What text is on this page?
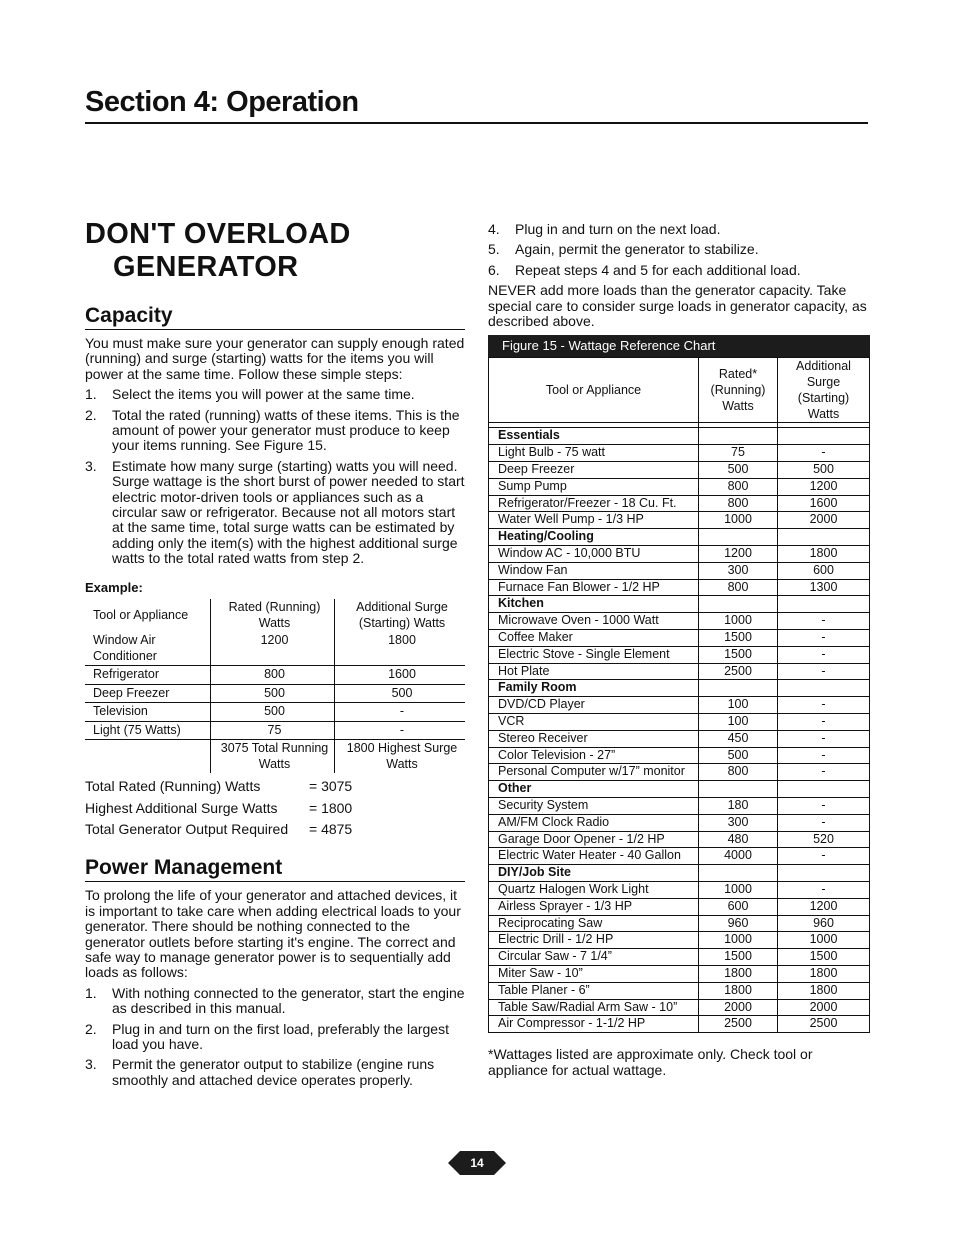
Section 4: Operation
DON'T OVERLOAD
GENERATOR
Capacity

You must make sure your generator can supply enough rated (running) and surge (starting) watts for the items you will power at the same time. Follow these simple steps:

1. Select the items you will power at the same time.
2. Total the rated (running) watts of these items. This is the amount of power your generator must produce to keep your items running. See Figure 15.
3. Estimate how many surge (starting) watts you will need. Surge wattage is the short burst of power needed to start electric motor-driven tools or appliances such as a circular saw or refrigerator. Because not all motors start at the same time, total surge watts can be estimated by adding only the item(s) with the highest additional surge watts to the total rated watts from step 2.
Example:
Tool or Appliance	Rated (Running) Watts	Additional Surge (Starting) Watts
Window Air Conditioner	1200	1800
Refrigerator	800	1600
Deep Freezer	500	500
Television	500	-
Light (75 Watts)	75	-
	3075 Total Running Watts	1800 Highest Surge Watts
Total Rated (Running) Watts	= 3075
Highest Additional Surge Watts	= 1800
Total Generator Output Required	= 4875
Power Management

To prolong the life of your generator and attached devices, it is important to take care when adding electrical loads to your generator. There should be nothing connected to the generator outlets before starting it's engine. The correct and safe way to manage generator power is to sequentially add loads as follows:

1. With nothing connected to the generator, start the engine as described in this manual.
2. Plug in and turn on the first load, preferably the largest load you have.
3. Permit the generator output to stabilize (engine runs smoothly and attached device operates properly.
4. Plug in and turn on the next load.
5. Again, permit the generator to stabilize.
6. Repeat steps 4 and 5 for each additional load.

NEVER add more loads than the generator capacity. Take special care to consider surge loads in generator capacity, as described above.

Figure 15 - Wattage Reference Chart
Tool or Appliance	Rated* (Running) Watts	Additional Surge (Starting) Watts

Essentials		
Light Bulb - 75 watt	75	-
Deep Freezer	500	500
Sump Pump	800	1200
Refrigerator/Freezer - 18 Cu. Ft.	800	1600
Water Well Pump - 1/3 HP	1000	2000
Heating/Cooling		
Window AC - 10,000 BTU	1200	1800
Window Fan	300	600
Furnace Fan Blower - 1/2 HP	800	1300
Kitchen		
Microwave Oven - 1000 Watt	1000	-
Coffee Maker	1500	-
Electric Stove - Single Element	1500	-
Hot Plate	2500	-
Family Room		
DVD/CD Player	100	-
VCR	100	-
Stereo Receiver	450	-
Color Television - 27”	500	-
Personal Computer w/17” monitor	800	-
Other		
Security System	180	-
AM/FM Clock Radio	300	-
Garage Door Opener - 1/2 HP	480	520
Electric Water Heater - 40 Gallon	4000	-
DIY/Job Site		
Quartz Halogen Work Light	1000	-
Airless Sprayer - 1/3 HP	600	1200
Reciprocating Saw	960	960
Electric Drill - 1/2 HP	1000	1000
Circular Saw - 7 1/4”	1500	1500
Miter Saw - 10”	1800	1800
Table Planer - 6”	1800	1800
Table Saw/Radial Arm Saw - 10”	2000	2000
Air Compressor - 1-1/2 HP	2500	2500

*Wattages listed are approximate only. Check tool or appliance for actual wattage.

14
